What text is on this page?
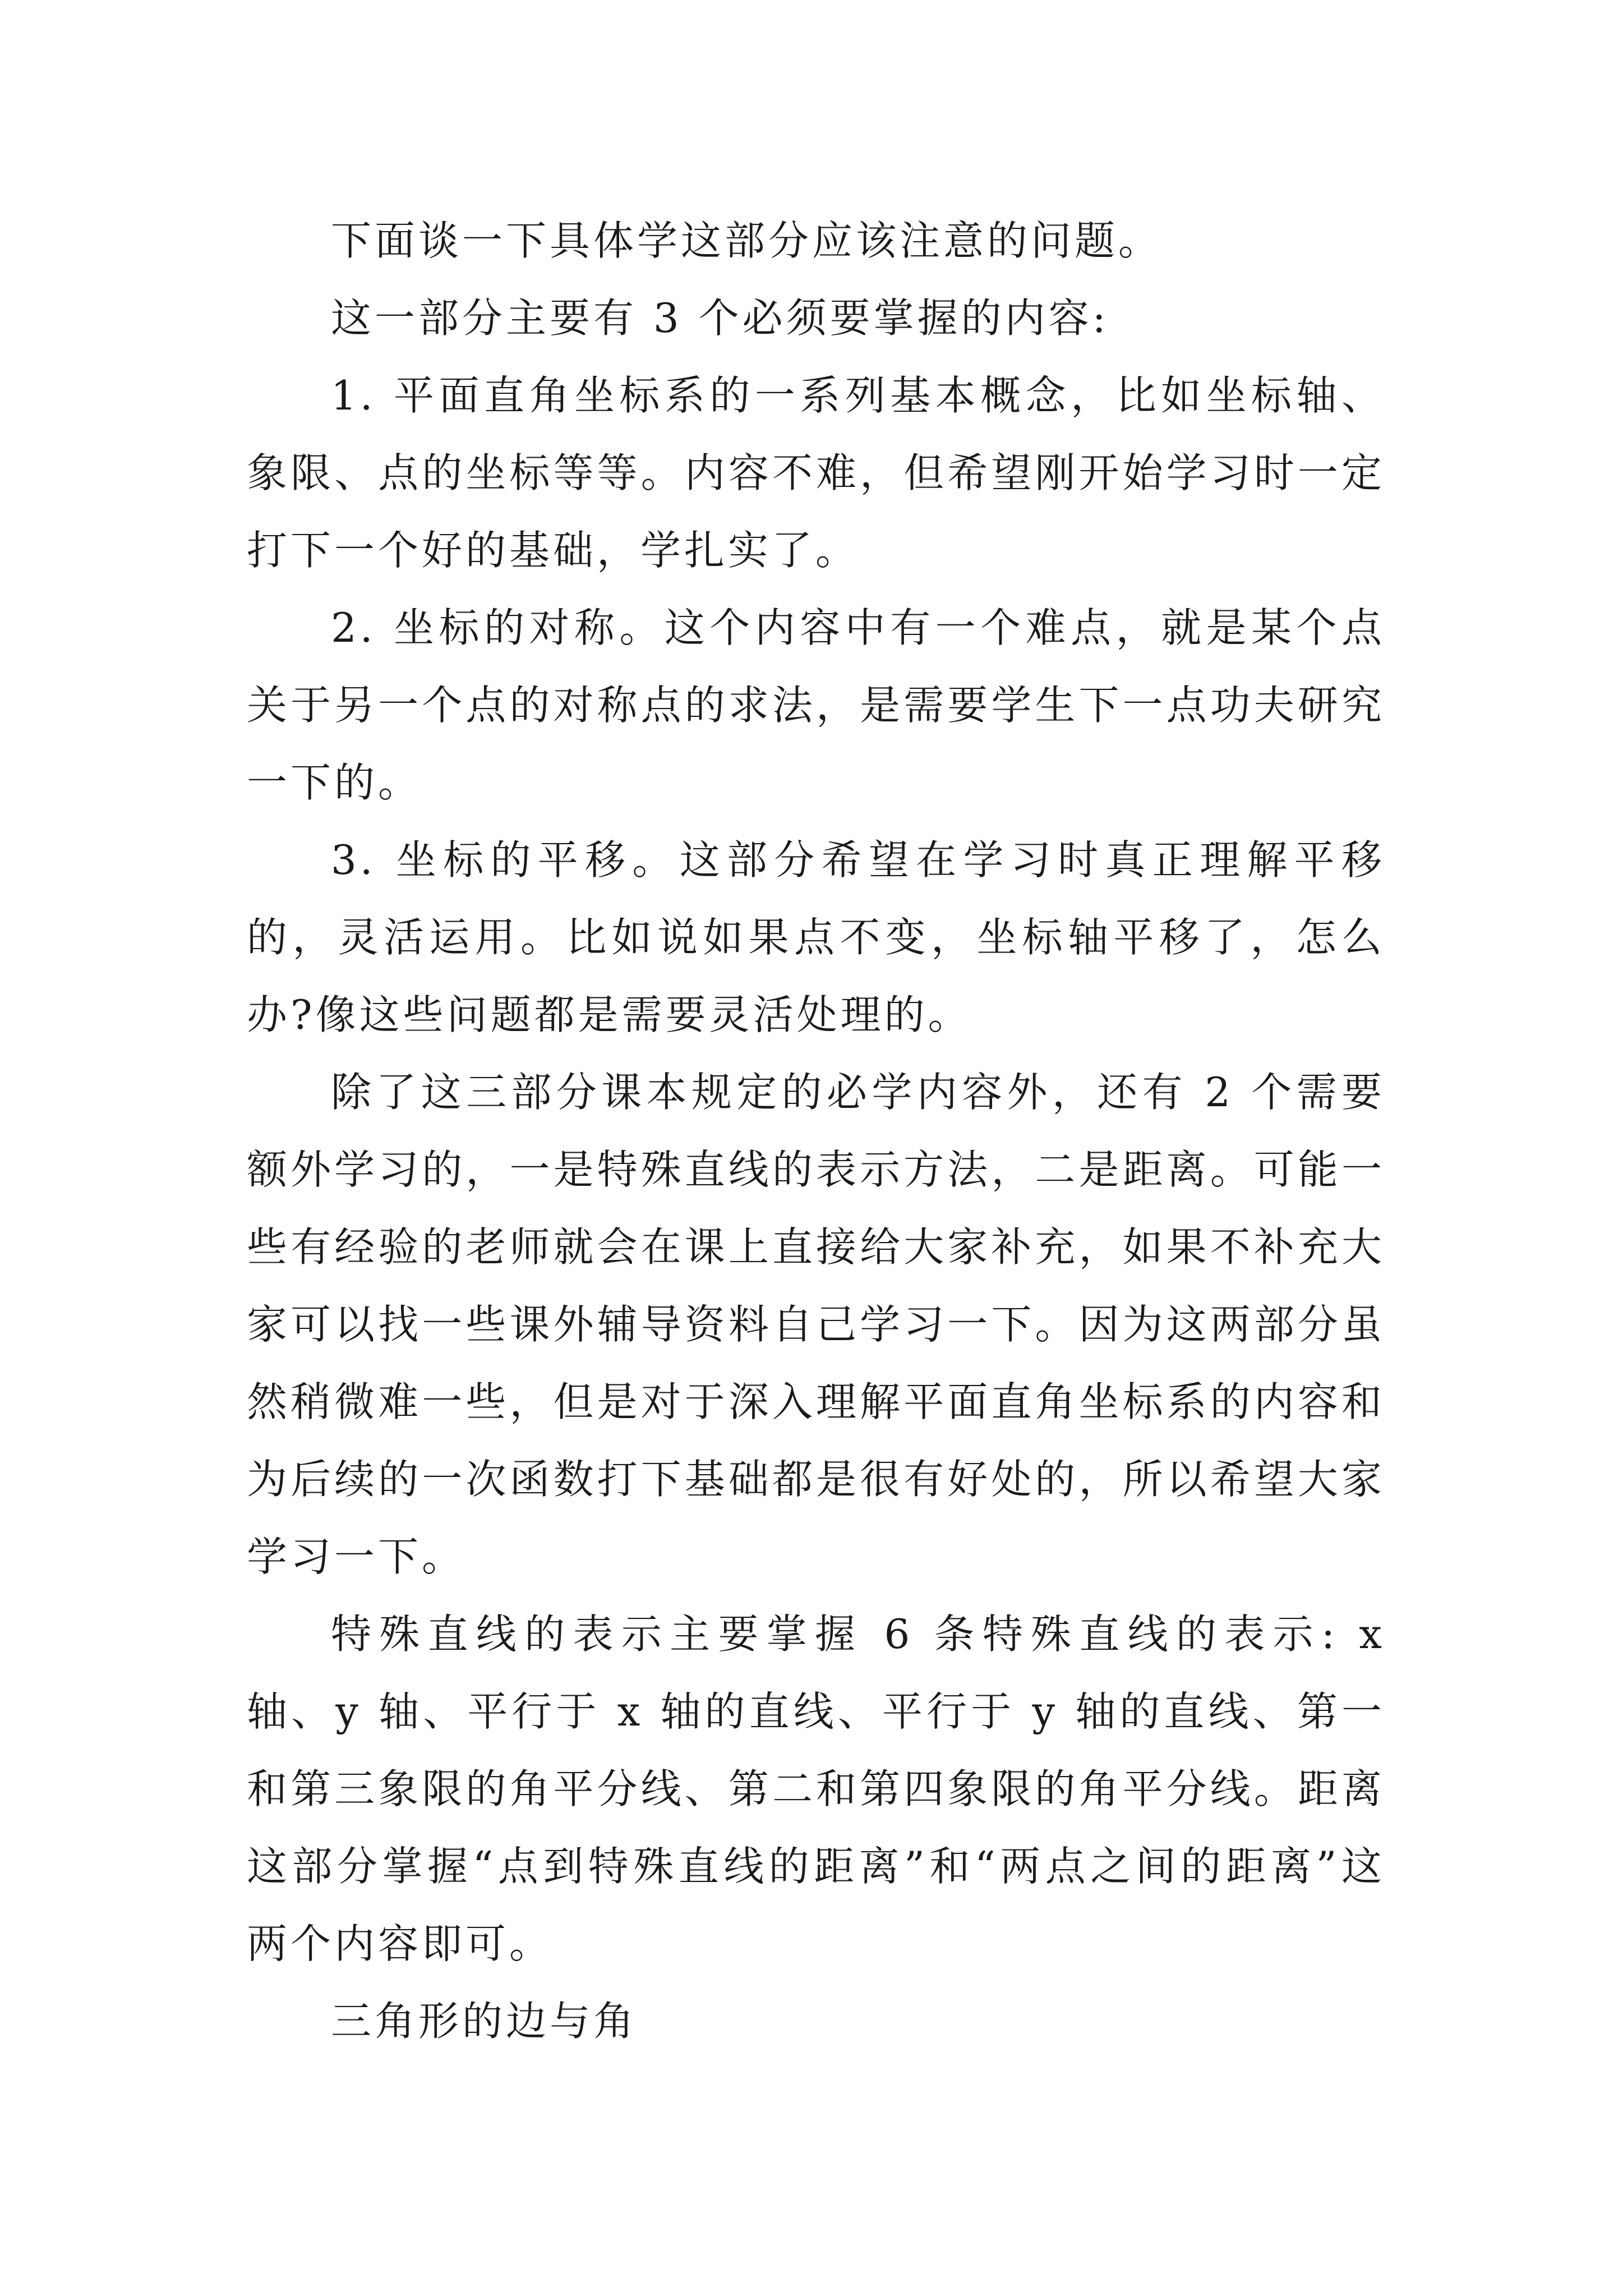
下面谈一下具体学这部分应该注意的问题。

这一部分主要有 3 个必须要掌握的内容:

1. 平面直角坐标系的一系列基本概念，比如坐标轴、象限、点的坐标等等。内容不难，但希望刚开始学习时一定打下一个好的基础，学扎实了。

2. 坐标的对称。这个内容中有一个难点，就是某个点关于另一个点的对称点的求法，是需要学生下一点功夫研究一下的。

3. 坐标的平移。这部分希望在学习时真正理解平移的，灵活运用。比如说如果点不变，坐标轴平移了，怎么办?像这些问题都是需要灵活处理的。

除了这三部分课本规定的必学内容外，还有 2 个需要额外学习的，一是特殊直线的表示方法，二是距离。可能一些有经验的老师就会在课上直接给大家补充，如果不补充大家可以找一些课外辅导资料自己学习一下。因为这两部分虽然稍微难一些，但是对于深入理解平面直角坐标系的内容和为后续的一次函数打下基础都是很有好处的，所以希望大家学习一下。

特殊直线的表示主要掌握 6 条特殊直线的表示: x 轴、y 轴、平行于 x 轴的直线、平行于 y 轴的直线、第一和第三象限的角平分线、第二和第四象限的角平分线。距离这部分掌握“点到特殊直线的距离”和“两点之间的距离”这两个内容即可。

三角形的边与角
